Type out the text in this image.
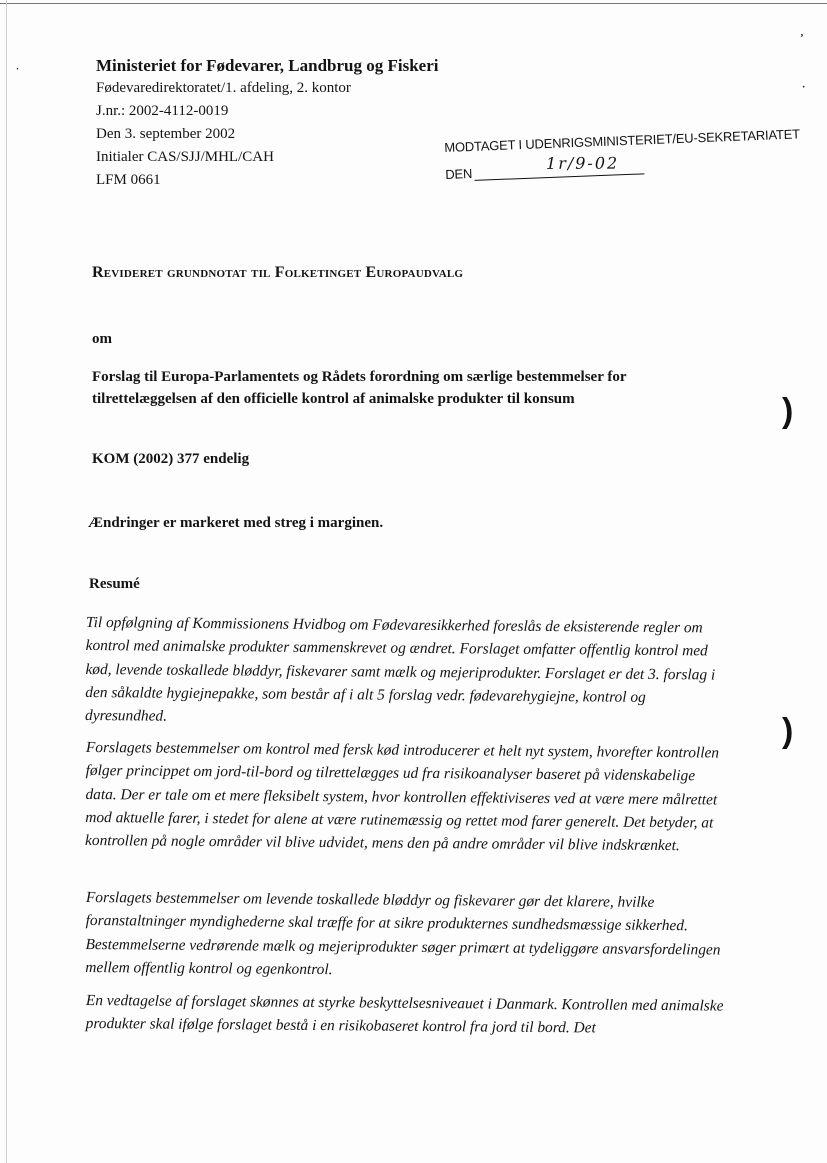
ʼ
·
·
)
)
Ministeriet for Fødevarer, Landbrug og Fiskeri
Fødevaredirektoratet/1. afdeling, 2. kontor
J.nr.: 2002-4112-0019
Den 3. september 2002
Initialer CAS/SJJ/MHL/CAH
LFM 0661
MODTAGET I UDENRIGSMINISTERIET/EU-SEKRETARIATET
DEN
1r/9-02
Revideret grundnotat til Folketinget Europaudvalg
om
Forslag til Europa-Parlamentets og Rådets forordning om særlige bestemmelser for tilrettelæggelsen af den officielle kontrol af animalske produkter til konsum
KOM (2002) 377 endelig
Ændringer er markeret med streg i marginen.
Resumé
Til opfølgning af Kommissionens Hvidbog om Fødevaresikkerhed foreslås de eksisterende regler om kontrol med animalske produkter sammenskrevet og ændret. Forslaget omfatter offentlig kontrol med kød, levende toskallede bløddyr, fiskevarer samt mælk og mejeriprodukter. Forslaget er det 3. forslag i den såkaldte hygiejnepakke, som består af i alt 5 forslag vedr. fødevarehygiejne, kontrol og dyresundhed.
Forslagets bestemmelser om kontrol med fersk kød introducerer et helt nyt system, hvorefter kontrollen følger princippet om jord-til-bord og tilrettelægges ud fra risikoanalyser baseret på videnskabelige data. Der er tale om et mere fleksibelt system, hvor kontrollen effektiviseres ved at være mere målrettet mod aktuelle farer, i stedet for alene at være rutinemæssig og rettet mod farer generelt. Det betyder, at kontrollen på nogle områder vil blive udvidet, mens den på andre områder vil blive indskrænket.
Forslagets bestemmelser om levende toskallede bløddyr og fiskevarer gør det klarere, hvilke foranstaltninger myndighederne skal træffe for at sikre produkternes sundhedsmæssige sikkerhed. Bestemmelserne vedrørende mælk og mejeriprodukter søger primært at tydeliggøre ansvarsfordelingen mellem offentlig kontrol og egenkontrol.
En vedtagelse af forslaget skønnes at styrke beskyttelsesniveauet i Danmark. Kontrollen med animalske produkter skal ifølge forslaget bestå i en risikobaseret kontrol fra jord til bord. Det
